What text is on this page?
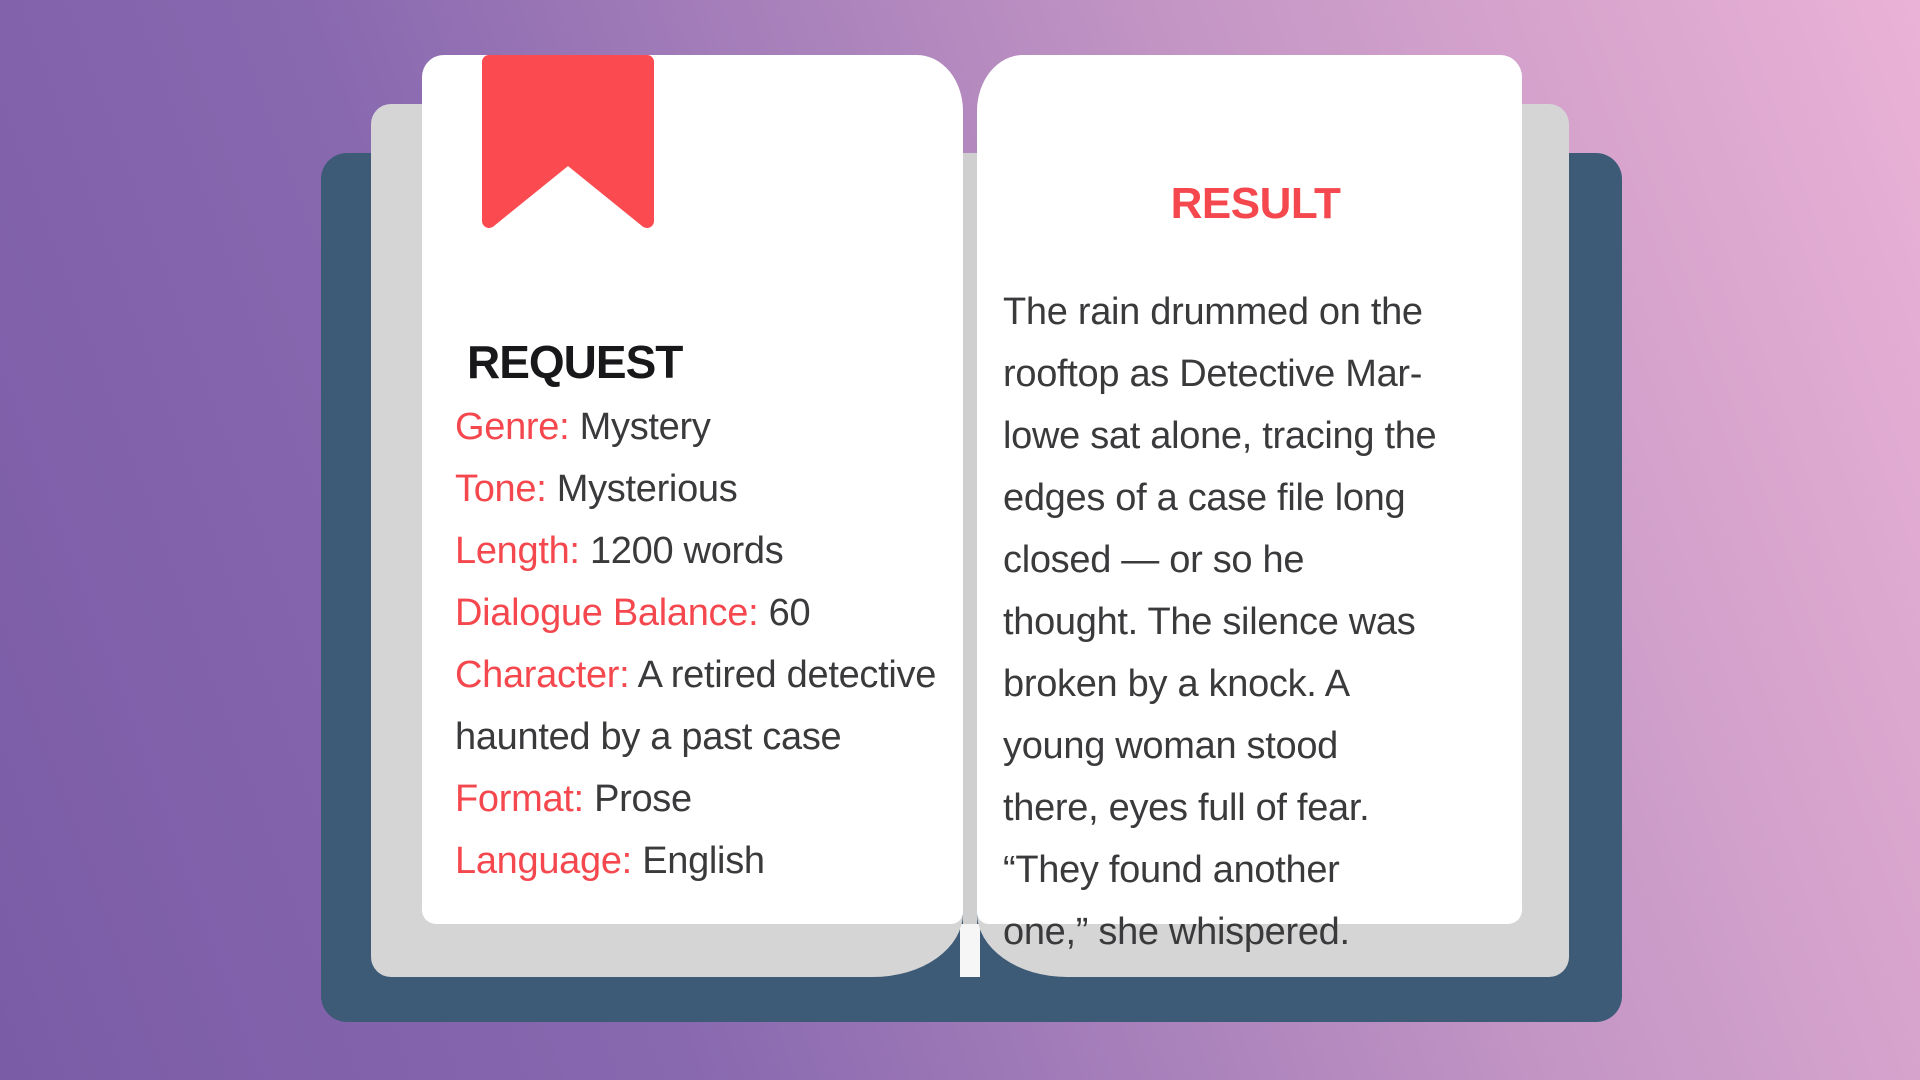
REQUEST
Genre: Mystery
Tone: Mysterious
Length: 1200 words
Dialogue Balance: 60
Character: A retired detective haunted by a past case
Format: Prose
Language: English
RESULT
The rain drummed on the
rooftop as Detective Mar-
lowe sat alone, tracing the
edges of a case file long
closed — or so he
thought. The silence was
broken by a knock. A
young woman stood
there, eyes full of fear.
“They found another
one,” she whispered.
